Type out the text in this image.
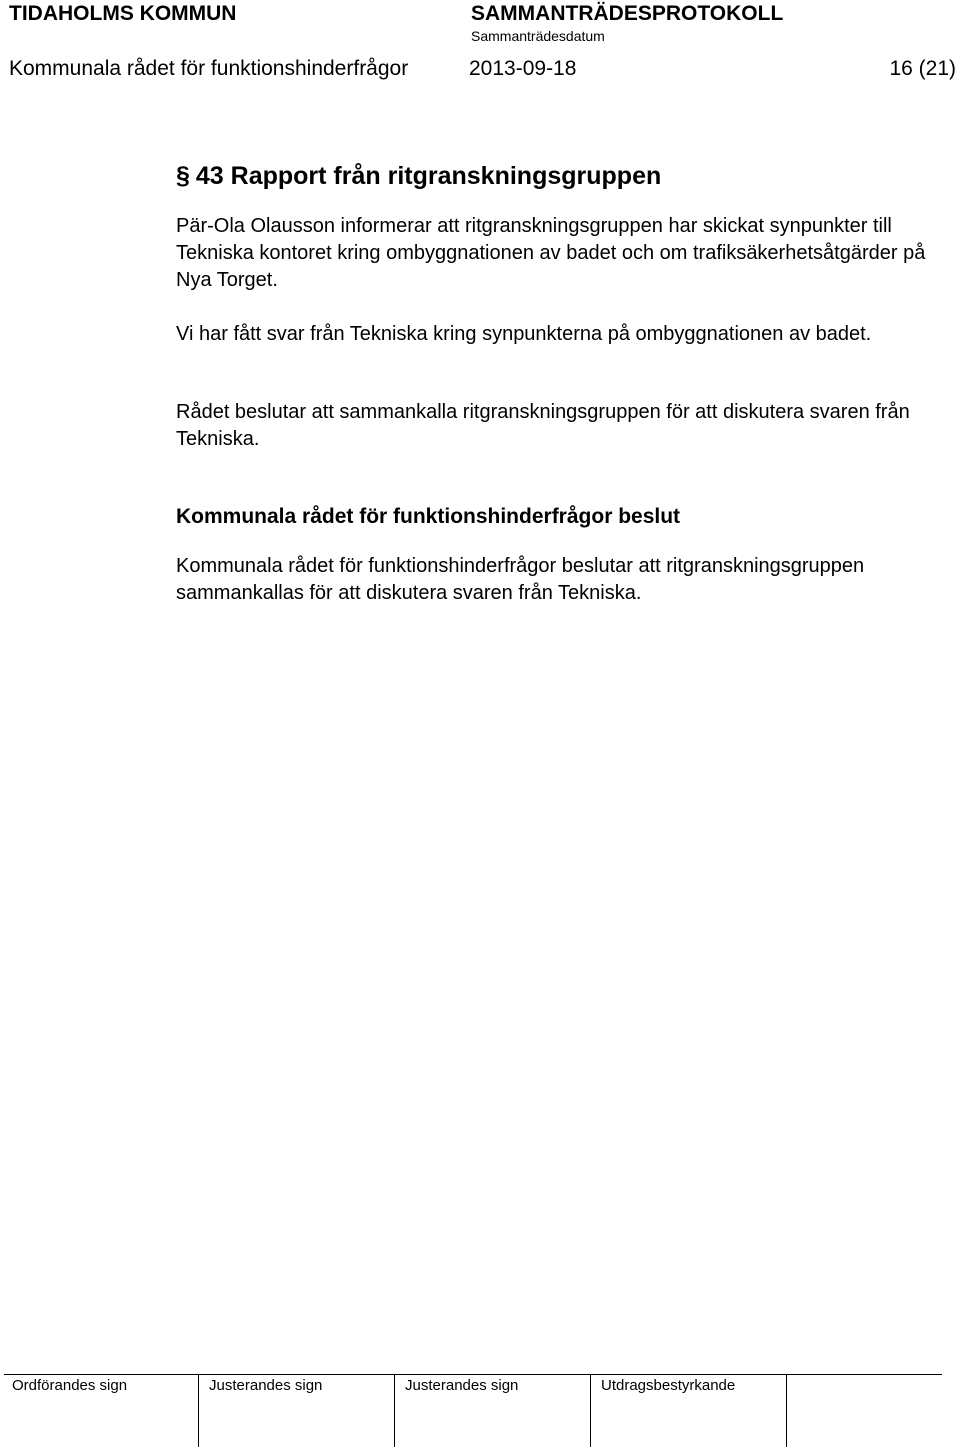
TIDAHOLMS KOMMUN	SAMMANTRÄDESPROTOKOLL
Sammanträdesdatum
Kommunala rådet för funktionshinderfrågor	2013-09-18	16 (21)
§ 43 Rapport från ritgranskningsgruppen

Pär-Ola Olausson informerar att ritgranskningsgruppen har skickat synpunkter till Tekniska kontoret kring ombyggnationen av badet och om trafiksäkerhetsåtgärder på Nya Torget.

Vi har fått svar från Tekniska kring synpunkterna på ombyggnationen av badet.

Rådet beslutar att sammankalla ritgranskningsgruppen för att diskutera svaren från Tekniska.

Kommunala rådet för funktionshinderfrågor beslut

Kommunala rådet för funktionshinderfrågor beslutar att ritgranskningsgruppen sammankallas för att diskutera svaren från Tekniska.

Ordförandes sign	Justerandes sign	Justerandes sign	Utdragsbestyrkande
